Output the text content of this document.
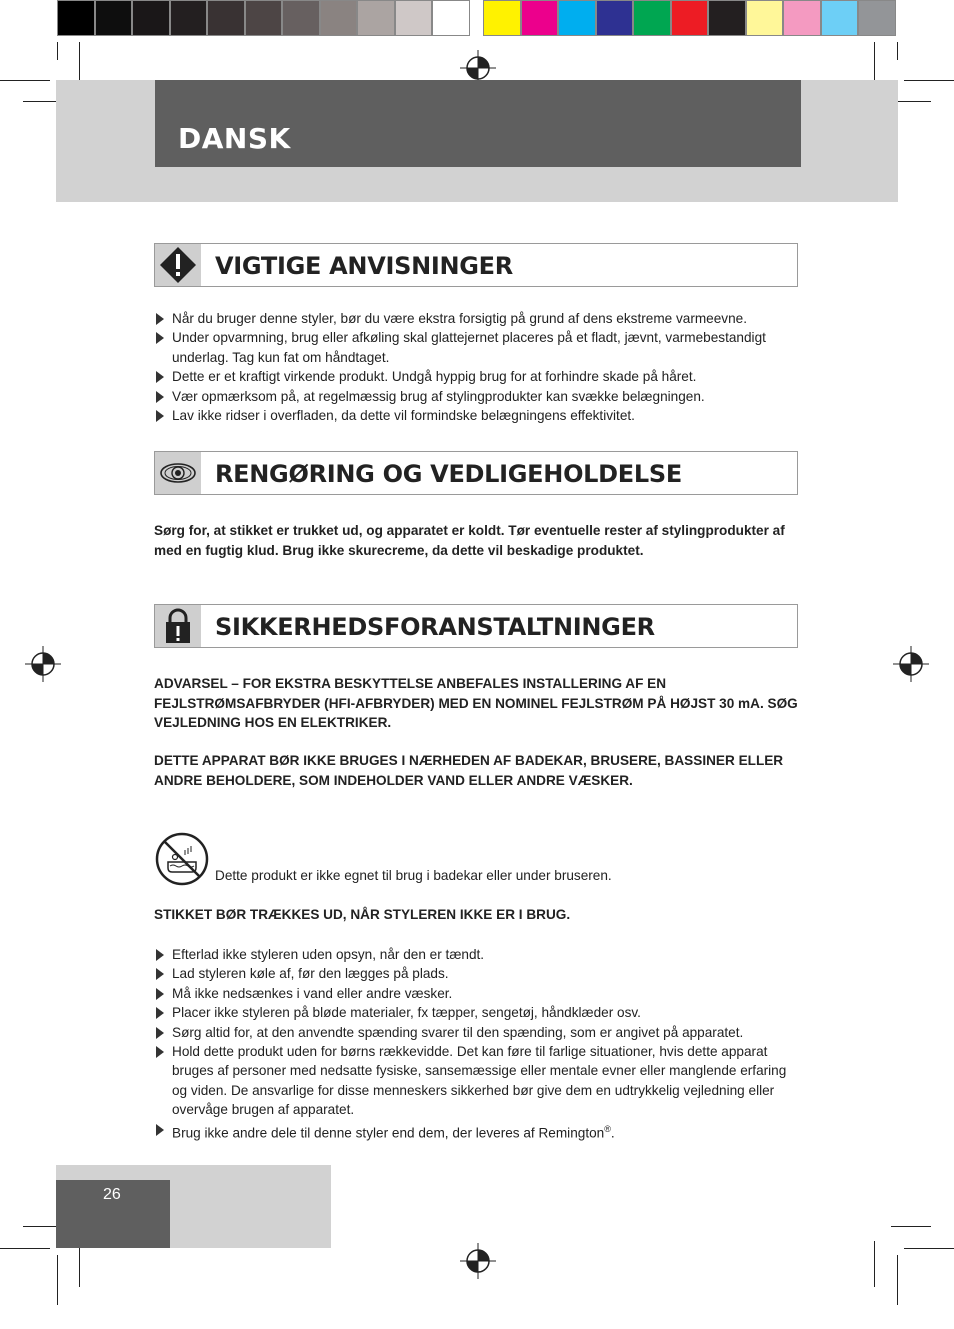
DANSK
VIGTIGE ANVISNINGER
Når du bruger denne styler, bør du være ekstra forsigtig på grund af dens ekstreme varmeevne.
Under opvarmning, brug eller afkøling skal glattejernet placeres på et fladt, jævnt, varmebestandigt underlag. Tag kun fat om håndtaget.
Dette er et kraftigt virkende produkt. Undgå hyppig brug for at forhindre skade på håret.
Vær opmærksom på, at regelmæssig brug af stylingprodukter kan svække belægningen.
Lav ikke ridser i overfladen, da dette vil formindske belægningens effektivitet.
RENGØRING OG VEDLIGEHOLDELSE
Sørg for, at stikket er trukket ud, og apparatet er koldt. Tør eventuelle rester af stylingprodukter af med en fugtig klud. Brug ikke skurecreme, da dette vil beskadige produktet.
SIKKERHEDSFORANSTALTNINGER
ADVARSEL – FOR EKSTRA BESKYTTELSE ANBEFALES INSTALLERING AF EN FEJLSTRØMSAFBRYDER (HFI-AFBRYDER) MED EN NOMINEL FEJLSTRØM PÅ HØJST 30 mA. SØG VEJLEDNING HOS EN ELEKTRIKER.
DETTE APPARAT BØR IKKE BRUGES I NÆRHEDEN AF BADEKAR, BRUSERE, BASSINER ELLER ANDRE BEHOLDERE, SOM INDEHOLDER VAND ELLER ANDRE VÆSKER.
Dette produkt er ikke egnet til brug i badekar eller under bruseren.
STIKKET BØR TRÆKKES UD, NÅR STYLEREN IKKE ER I BRUG.
Efterlad ikke styleren uden opsyn, når den er tændt.
Lad styleren køle af, før den lægges på plads.
Må ikke nedsænkes i vand eller andre væsker.
Placer ikke styleren på bløde materialer, fx tæpper, sengetøj, håndklæder osv.
Sørg altid for, at den anvendte spænding svarer til den spænding, som er angivet på apparatet.
Hold dette produkt uden for børns rækkevidde. Det kan føre til farlige situationer, hvis dette apparat bruges af personer med nedsatte fysiske, sansemæssige eller mentale evner eller manglende erfaring og viden. De ansvarlige for disse menneskers sikkerhed bør give dem en udtrykkelig vejledning eller overvåge brugen af apparatet.
Brug ikke andre dele til denne styler end dem, der leveres af Remington®.
26
